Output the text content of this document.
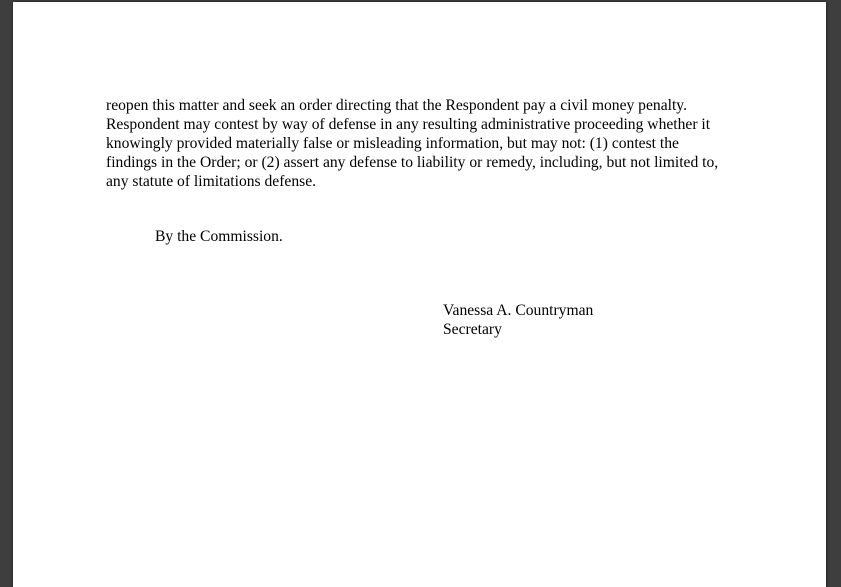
reopen this matter and seek an order directing that the Respondent pay a civil money penalty.
Respondent may contest by way of defense in any resulting administrative proceeding whether it
knowingly provided materially false or misleading information, but may not: (1) contest the
findings in the Order; or (2) assert any defense to liability or remedy, including, but not limited to,
any statute of limitations defense.

By the Commission.

Vanessa A. Countryman
Secretary
